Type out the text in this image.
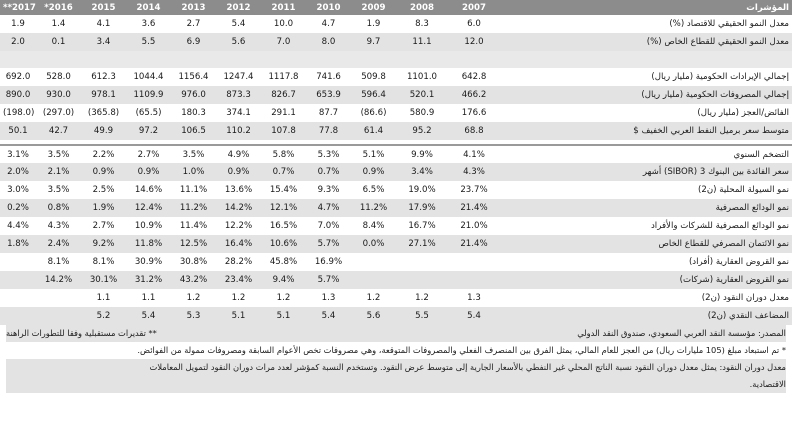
**2017	*2016	2015	2014	2013	2012	2011	2010	2009	2008	2007	المؤشرات
1.9	1.4	4.1	3.6	2.7	5.4	10.0	4.7	1.9	8.3	6.0	معدل النمو الحقيقي للاقتصاد (%)
2.0	0.1	3.4	5.5	6.9	5.6	7.0	8.0	9.7	11.1	12.0	معدل النمو الحقيقي للقطاع الخاص (%)

692.0	528.0	612.3	1044.4	1156.4	1247.4	1117.8	741.6	509.8	1101.0	642.8	إجمالي الإيرادات الحكومية (مليار ريال)
890.0	930.0	978.1	1109.9	976.0	873.3	826.7	653.9	596.4	520.1	466.2	إجمالي المصروفات الحكومية (مليار ريال)
(198.0)	(297.0)	(365.8)	(65.5)	180.3	374.1	291.1	87.7	(86.6)	580.9	176.6	الفائض/العجز (مليار ريال)
50.1	42.7	49.9	97.2	106.5	110.2	107.8	77.8	61.4	95.2	68.8	متوسط سعر برميل النفط العربي الخفيف $

3.1%	3.5%	2.2%	2.7%	3.5%	4.9%	5.8%	5.3%	5.1%	9.9%	4.1%	التضخم السنوي
2.0%	2.1%	0.9%	0.9%	1.0%	0.9%	0.7%	0.7%	0.9%	3.4%	4.3%	سعر الفائدة بين البنوك 3 (SIBOR) أشهر
3.0%	3.5%	2.5%	14.6%	11.1%	13.6%	15.4%	9.3%	6.5%	19.0%	23.7%	نمو السيولة المحلية (ن2)
0.2%	0.8%	1.9%	12.4%	11.2%	14.2%	12.1%	4.7%	11.2%	17.9%	21.4%	نمو الودائع المصرفية
4.4%	4.3%	2.7%	10.9%	11.4%	12.2%	16.5%	7.0%	8.4%	16.7%	21.0%	نمو الودائع المصرفية للشركات والأفراد
1.8%	2.4%	9.2%	11.8%	12.5%	16.4%	10.6%	5.7%	0.0%	27.1%	21.4%	نمو الائتمان المصرفي للقطاع الخاص
	8.1%	8.1%	30.9%	30.8%	28.2%	45.8%	16.9%				نمو القروض العقارية (أفراد)
	14.2%	30.1%	31.2%	43.2%	23.4%	9.4%	5.7%				نمو القروض العقارية (شركات)
		1.1	1.1	1.2	1.2	1.2	1.3	1.2	1.2	1.3	معدل دوران النقود (ن2)
		5.2	5.4	5.3	5.1	5.1	5.4	5.6	5.5	5.4	المضاعف النقدي (ن2)
المصدر: مؤسسة النقد العربي السعودي، صندوق النقد الدولي
** تقديرات مستقبلية وفقا للتطورات الراهنة
* تم استبعاد مبلغ (105 مليارات ريال) من العجز للعام المالي، يمثل الفرق بين المنصرف الفعلي والمصروفات المتوقعة، وهي مصروفات تخص الأعوام السابقة ومصروفات ممولة من الفوائض.
معدل دوران النقود: يمثل معدل دوران النقود نسبة الناتج المحلي غير النفطي بالأسعار الجارية إلى متوسط عرض النقود. وتستخدم النسبة كمؤشر لعدد مرات دوران النقود لتمويل المعاملات
الاقتصادية.
